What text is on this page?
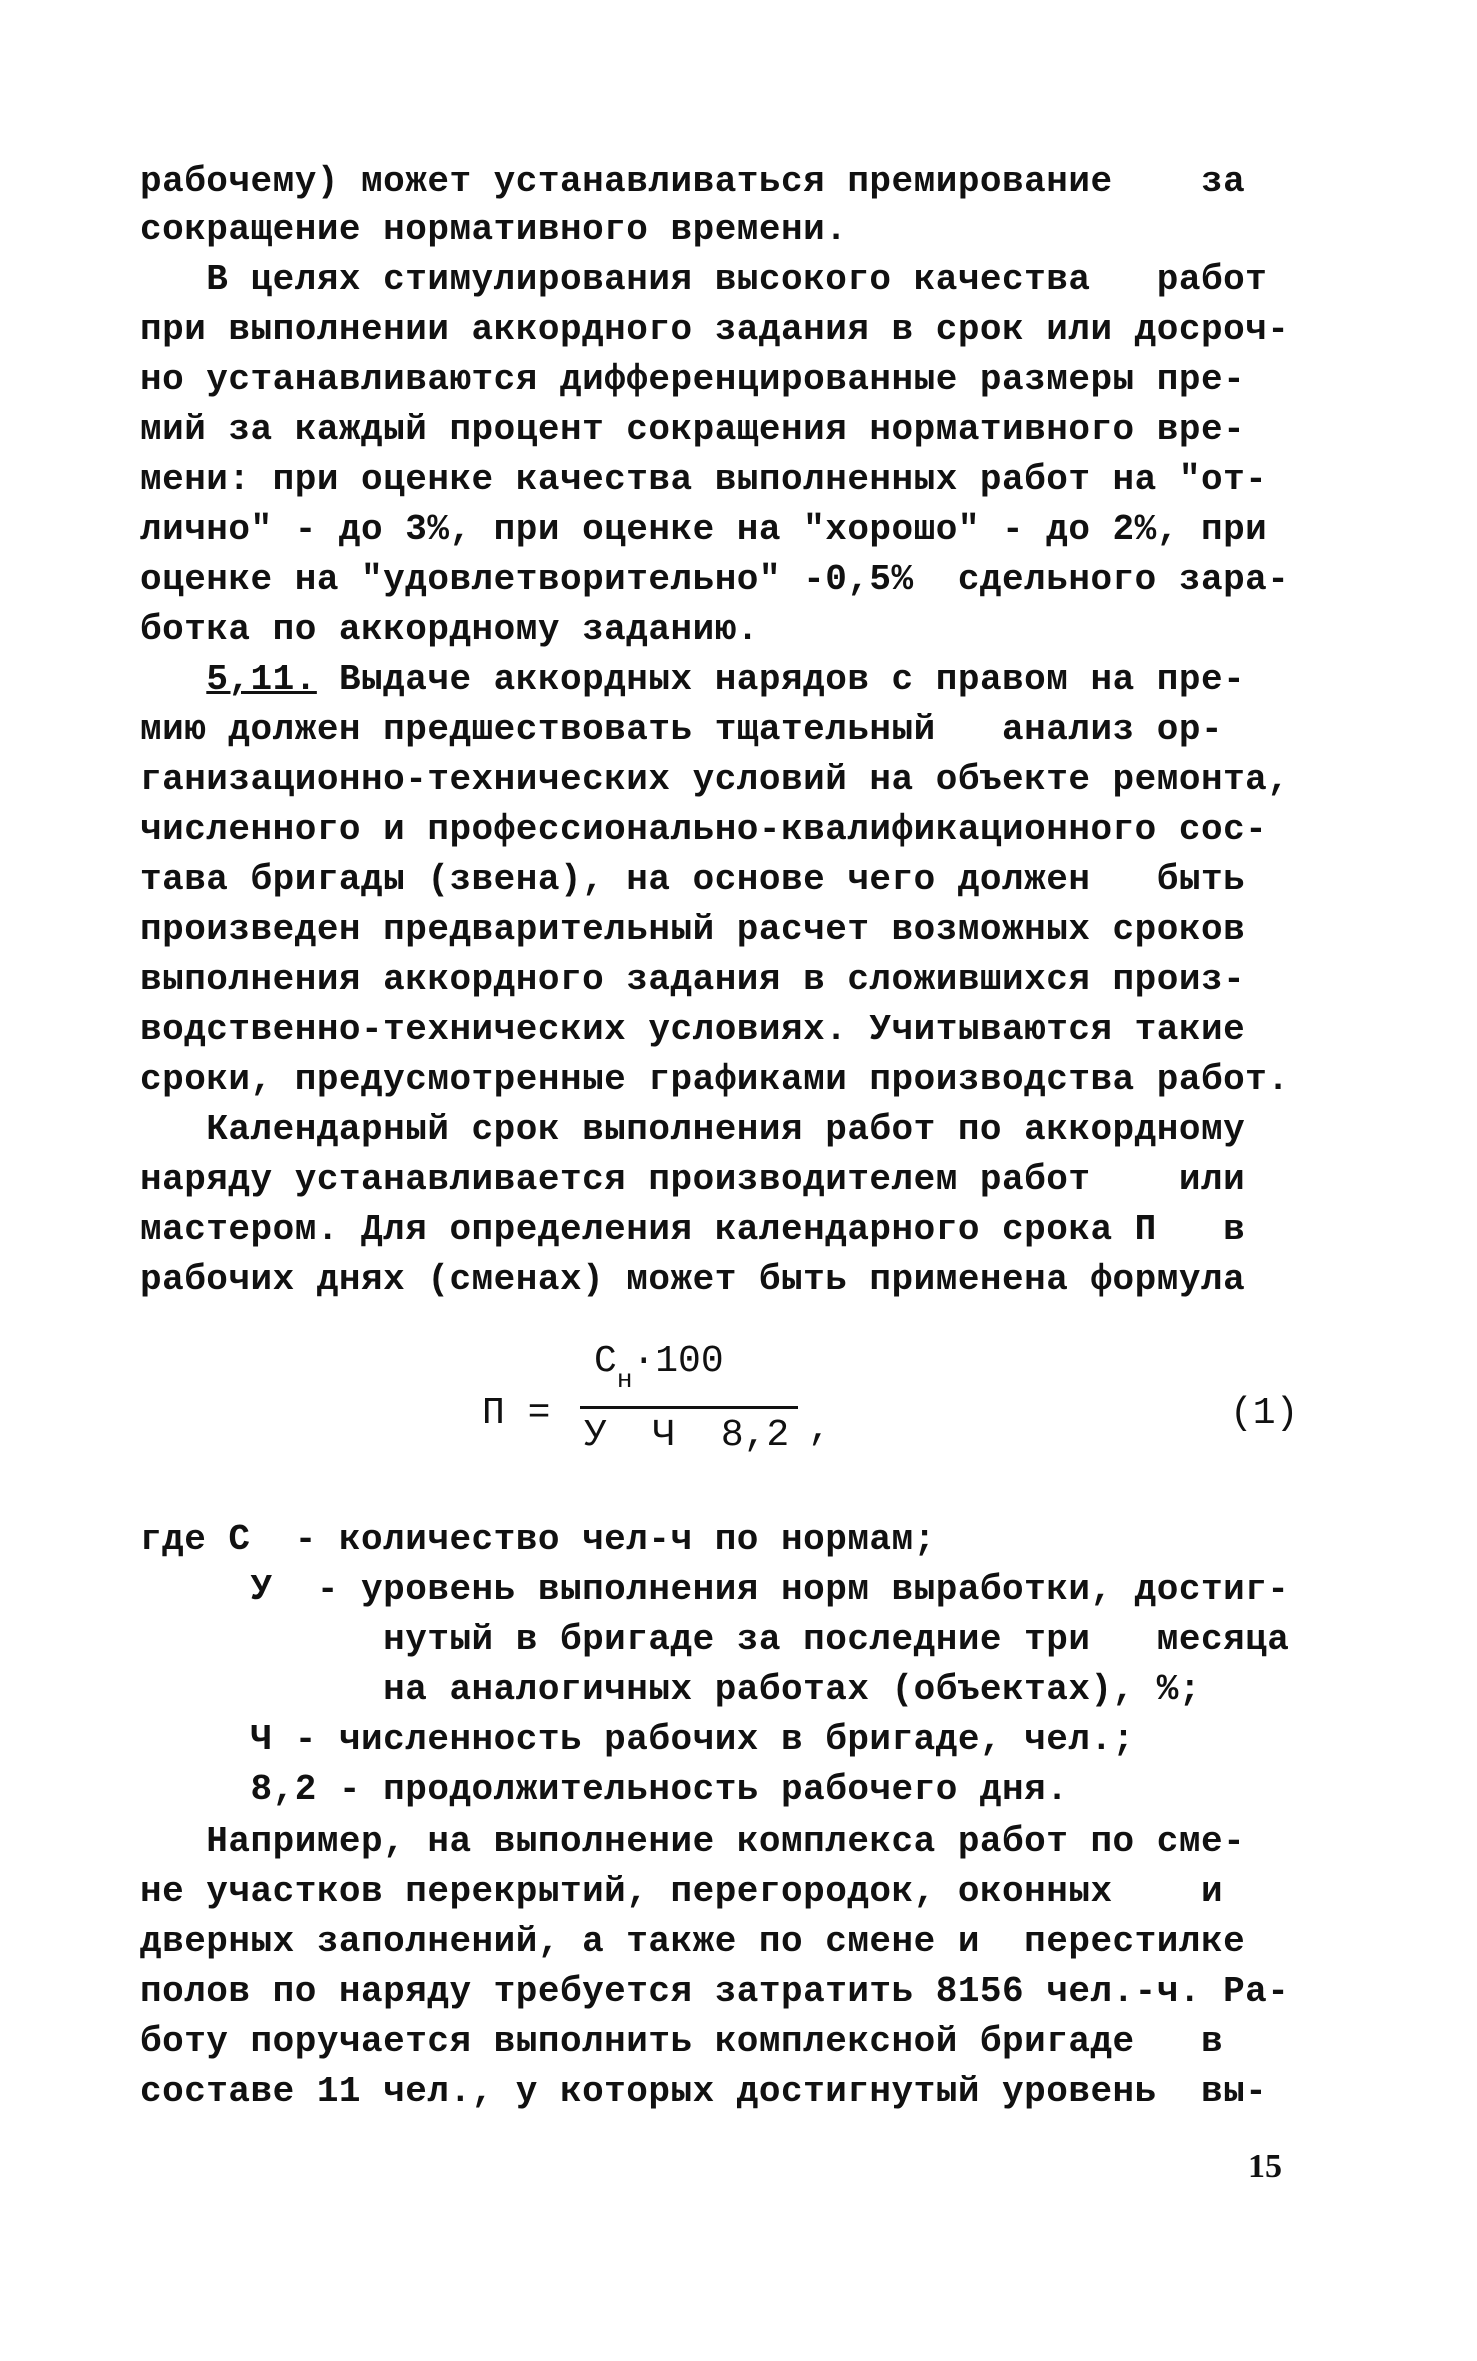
рабочему) может устанавливаться премирование    за
сокращение нормативного времени.
В целях стимулирования высокого качества   работ
при выполнении аккордного задания в срок или досроч-
но устанавливаются дифференцированные размеры пре-
мий за каждый процент сокращения нормативного вре-
мени: при оценке качества выполненных работ на "от-
лично" - до 3%, при оценке на "хорошо" - до 2%, при
оценке на "удовлетворительно" -0,5%  сдельного зара-
ботка по аккордному заданию.
5,11. Выдаче аккордных нарядов с правом на пре-
мию должен предшествовать тщательный   анализ ор-
ганизационно-технических условий на объекте ремонта,
численного и профессионально-квалификационного сос-
тава бригады (звена), на основе чего должен   быть
произведен предварительный расчет возможных сроков
выполнения аккордного задания в сложившихся произ-
водственно-технических условиях. Учитываются такие
сроки, предусмотренные графиками производства работ.
Календарный срок выполнения работ по аккордному
наряду устанавливается производителем работ    или
мастером. Для определения календарного срока П   в
рабочих днях (сменах) может быть применена формула
П =
$С_н\cdot 100$
У  Ч  8,2 ,	(1)
где С  - количество чел-ч по нормам;
У  - уровень выполнения норм выработки, достиг-
нутый в бригаде за последние три   месяца
на аналогичных работах (объектах), %;
Ч - численность рабочих в бригаде, чел.;
8,2 - продолжительность рабочего дня.
Например, на выполнение комплекса работ по сме-
не участков перекрытий, перегородок, оконных    и
дверных заполнений, а также по смене и  перестилке
полов по наряду требуется затратить 8156 чел.-ч. Ра-
боту поручается выполнить комплексной бригаде   в
составе 11 чел., у которых достигнутый уровень  вы-
15
